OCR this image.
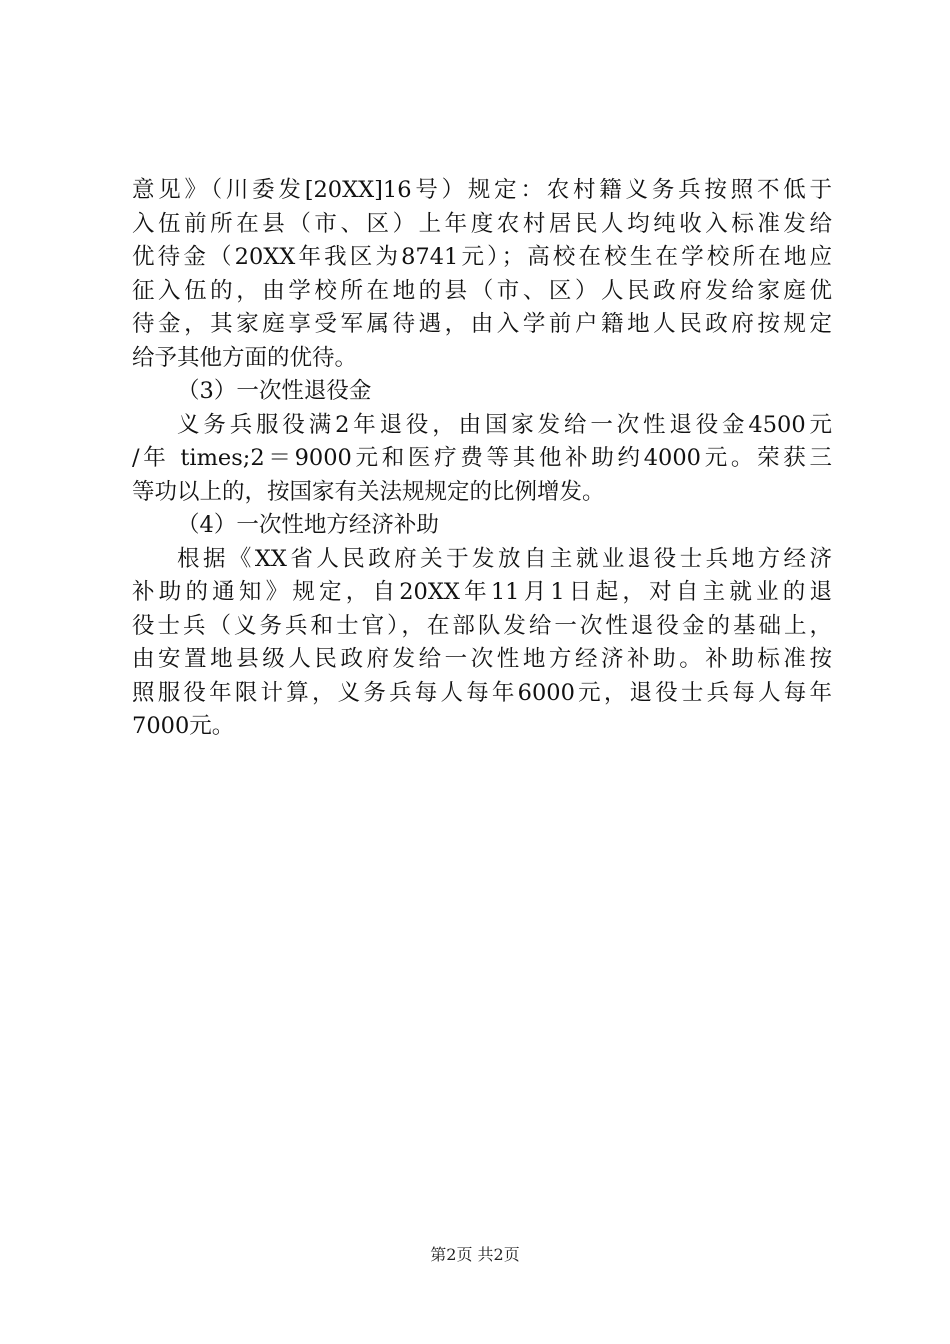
意见》（川委发[20XX]16号）规定：农村籍义务兵按照不低于
入伍前所在县（市、区）上年度农村居民人均纯收入标准发给
优待金（20XX年我区为8741元）；高校在校生在学校所在地应
征入伍的，由学校所在地的县（市、区）人民政府发给家庭优
待金，其家庭享受军属待遇，由入学前户籍地人民政府按规定
给予其他方面的优待。
（3）一次性退役金
义务兵服役满2年退役，由国家发给一次性退役金4500元
/年 times;2＝9000元和医疗费等其他补助约4000元。荣获三
等功以上的，按国家有关法规规定的比例增发。
（4）一次性地方经济补助
根据《XX省人民政府关于发放自主就业退役士兵地方经济
补助的通知》规定，自20XX年11月1日起，对自主就业的退
役士兵（义务兵和士官），在部队发给一次性退役金的基础上，
由安置地县级人民政府发给一次性地方经济补助。补助标准按
照服役年限计算，义务兵每人每年6000元，退役士兵每人每年
7000元。
第2页 共2页
